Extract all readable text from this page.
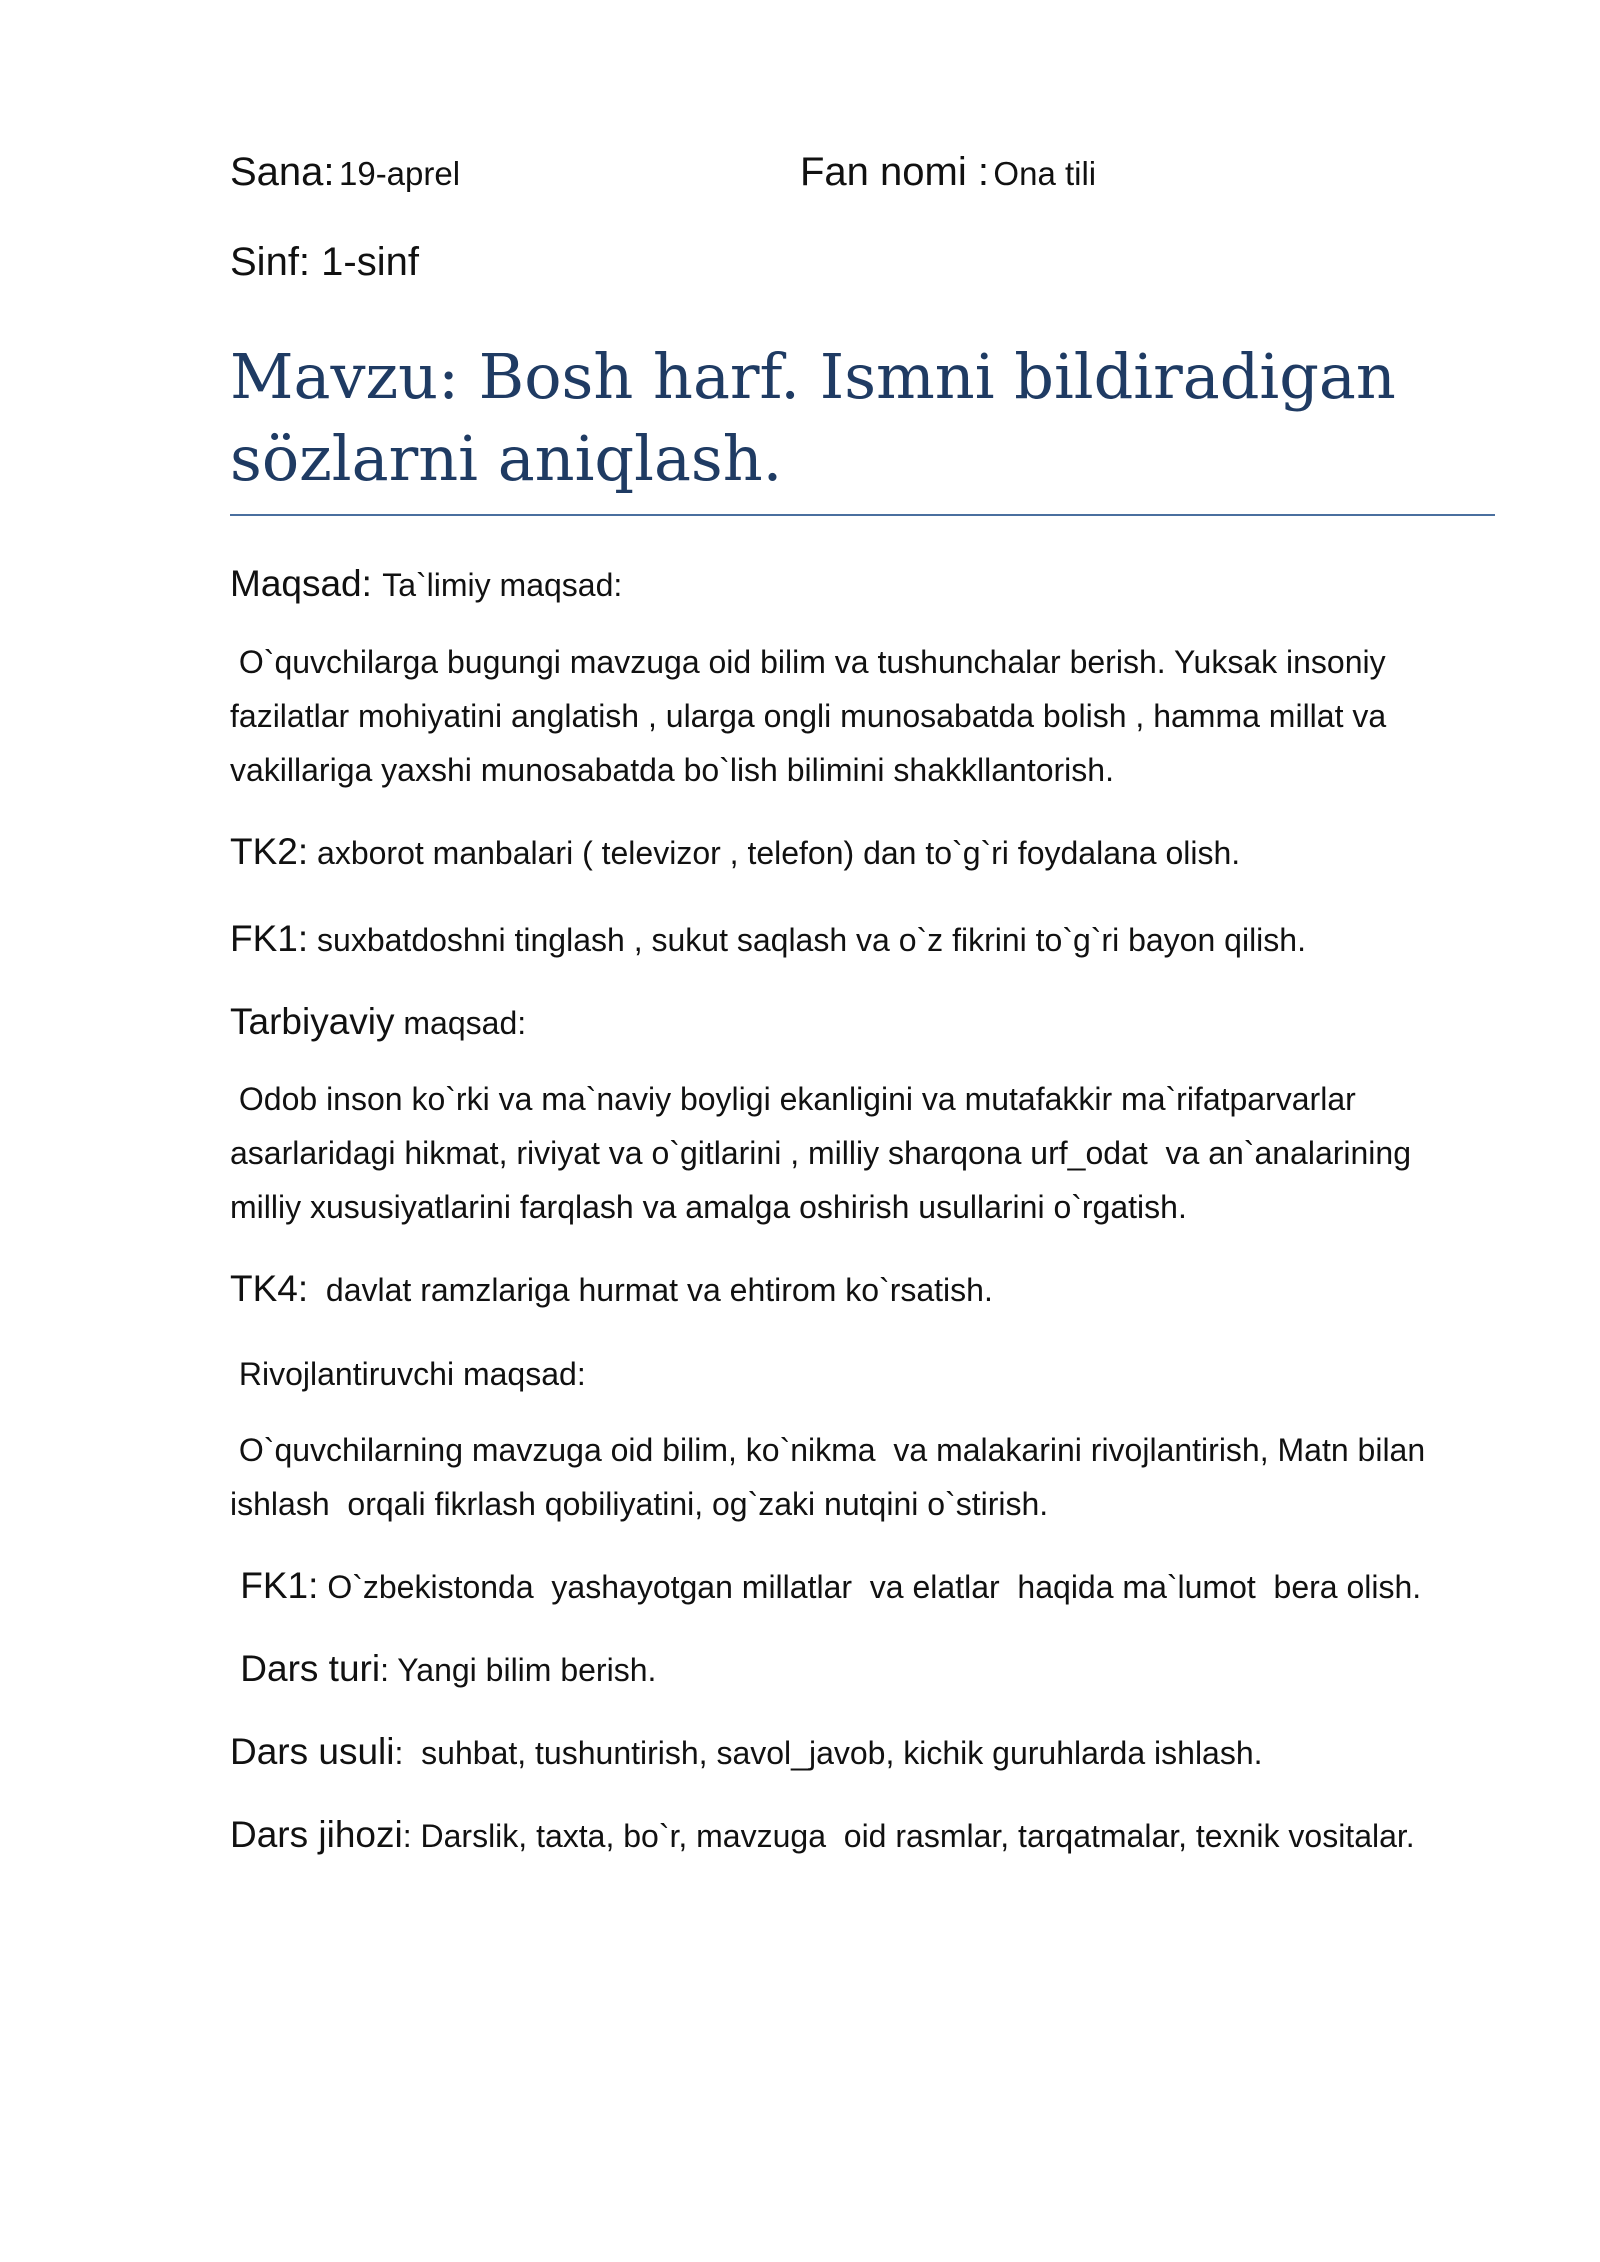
Sana: 19-aprel	Fan nomi : Ona tili
Sinf: 1-sinf
Mavzu: Bosh harf. Ismni bildiradigan
sözlarni aniqlash.
Maqsad: Ta`limiy maqsad:
O`quvchilarga bugungi mavzuga oid bilim va tushunchalar berish. Yuksak insoniy fazilatlar mohiyatini anglatish , ularga ongli munosabatda bolish , hamma millat va vakillariga yaxshi munosabatda bo`lish bilimini shakkllantorish.
TK2: axborot manbalari ( televizor , telefon) dan to`g`ri foydalana olish.
FK1: suxbatdoshni tinglash , sukut saqlash va o`z fikrini to`g`ri bayon qilish.
Tarbiyaviy maqsad:
Odob inson ko`rki va ma`naviy boyligi ekanligini va mutafakkir ma`rifatparvarlar asarlaridagi hikmat, riviyat va o`gitlarini , milliy sharqona urf_odat  va an`analarining milliy xususiyatlarini farqlash va amalga oshirish usullarini o`rgatish.
TK4:  davlat ramzlariga hurmat va ehtirom ko`rsatish.
Rivojlantiruvchi maqsad:
O`quvchilarning mavzuga oid bilim, ko`nikma  va malakarini rivojlantirish, Matn bilan ishlash  orqali fikrlash qobiliyatini, og`zaki nutqini o`stirish.
FK1: O`zbekistonda  yashayotgan millatlar  va elatlar  haqida ma`lumot  bera olish.
Dars turi: Yangi bilim berish.
Dars usuli:  suhbat, tushuntirish, savol_javob, kichik guruhlarda ishlash.
Dars jihozi: Darslik, taxta, bo`r, mavzuga  oid rasmlar, tarqatmalar, texnik vositalar.
